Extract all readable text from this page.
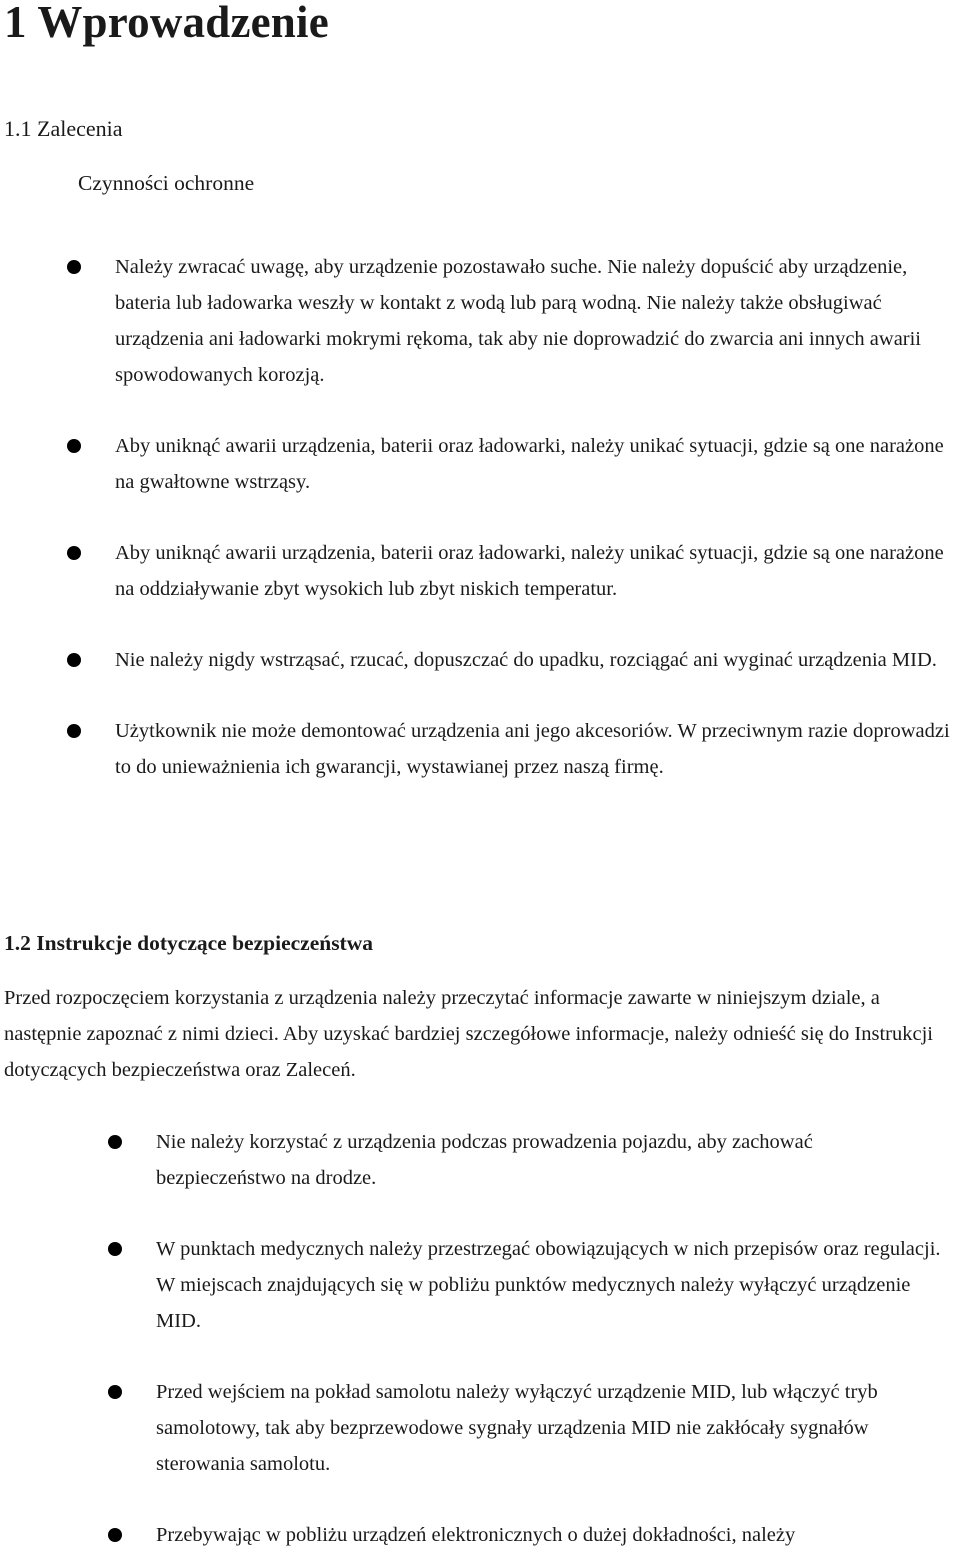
1 Wprowadzenie
1.1 Zalecenia

Czynności ochronne

Należy zwracać uwagę, aby urządzenie pozostawało suche. Nie należy dopuścić aby urządzenie, bateria lub ładowarka weszły w kontakt z wodą lub parą wodną. Nie należy także obsługiwać urządzenia ani ładowarki mokrymi rękoma, tak aby nie doprowadzić do zwarcia ani innych awarii spowodowanych korozją.
Aby uniknąć awarii urządzenia, baterii oraz ładowarki, należy unikać sytuacji, gdzie są one narażone na gwałtowne wstrząsy.
Aby uniknąć awarii urządzenia, baterii oraz ładowarki, należy unikać sytuacji, gdzie są one narażone na oddziaływanie zbyt wysokich lub zbyt niskich temperatur.
Nie należy nigdy wstrząsać, rzucać, dopuszczać do upadku, rozciągać ani wyginać urządzenia MID.
Użytkownik nie może demontować urządzenia ani jego akcesoriów. W przeciwnym razie doprowadzi to do unieważnienia ich gwarancji, wystawianej przez naszą firmę.
1.2 Instrukcje dotyczące bezpieczeństwa

Przed rozpoczęciem korzystania z urządzenia należy przeczytać informacje zawarte w niniejszym dziale, a następnie zapoznać z nimi dzieci. Aby uzyskać bardziej szczegółowe informacje, należy odnieść się do Instrukcji dotyczących bezpieczeństwa oraz Zaleceń.

Nie należy korzystać z urządzenia podczas prowadzenia pojazdu, aby zachować bezpieczeństwo na drodze.
W punktach medycznych należy przestrzegać obowiązujących w nich przepisów oraz regulacji. W miejscach znajdujących się w pobliżu punktów medycznych należy wyłączyć urządzenie MID.
Przed wejściem na pokład samolotu należy wyłączyć urządzenie MID, lub włączyć tryb samolotowy, tak aby bezprzewodowe sygnały urządzenia MID nie zakłócały sygnałów sterowania samolotu.
Przebywając w pobliżu urządzeń elektronicznych o dużej dokładności, należy
